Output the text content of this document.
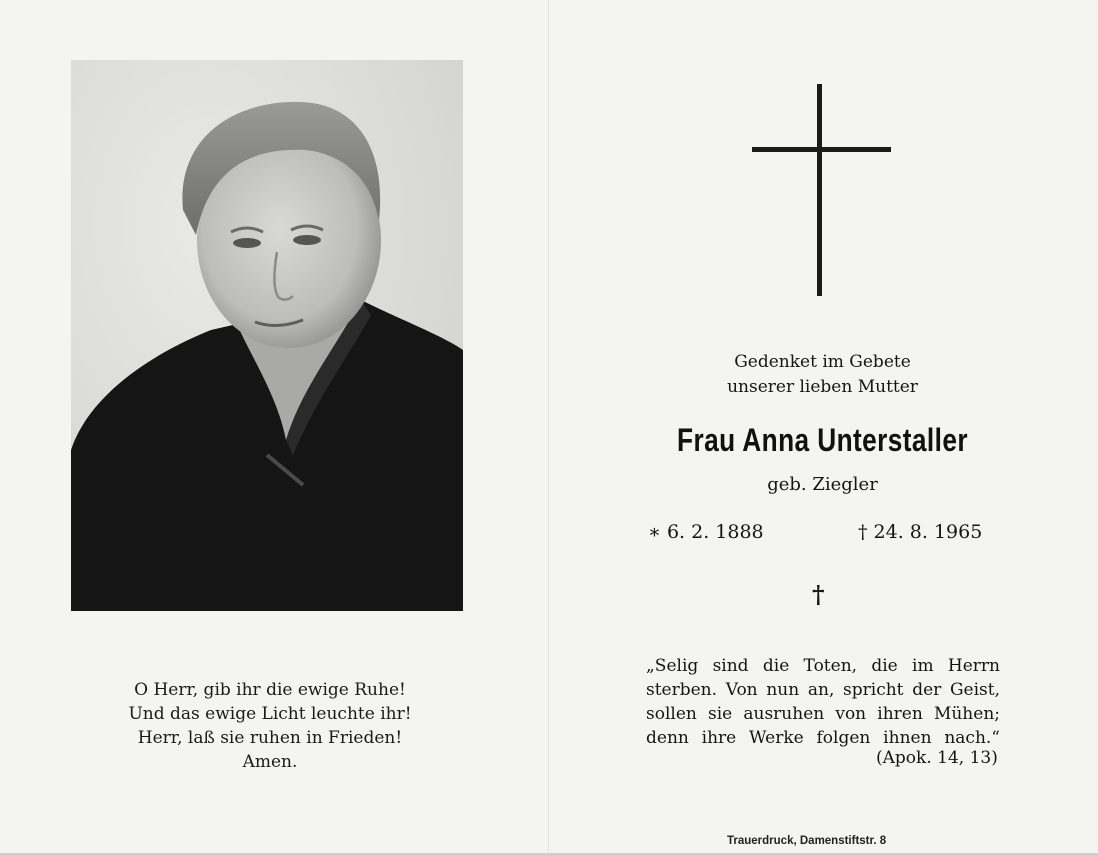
O Herr, gib ihr die ewige Ruhe!
Und das ewige Licht leuchte ihr!
Herr, laß sie ruhen in Frieden!
Amen.
Gedenket im Gebete
unserer lieben Mutter
Frau Anna Unterstaller
geb. Ziegler
∗ 6. 2. 1888	† 24. 8. 1965
†
„Selig sind die Toten, die im Herrn
sterben. Von nun an, spricht der Geist,
sollen sie ausruhen von ihren Mühen;
denn ihre Werke folgen ihnen nach.“
(Apok. 14, 13)
Trauerdruck, Damenstiftstr. 8
